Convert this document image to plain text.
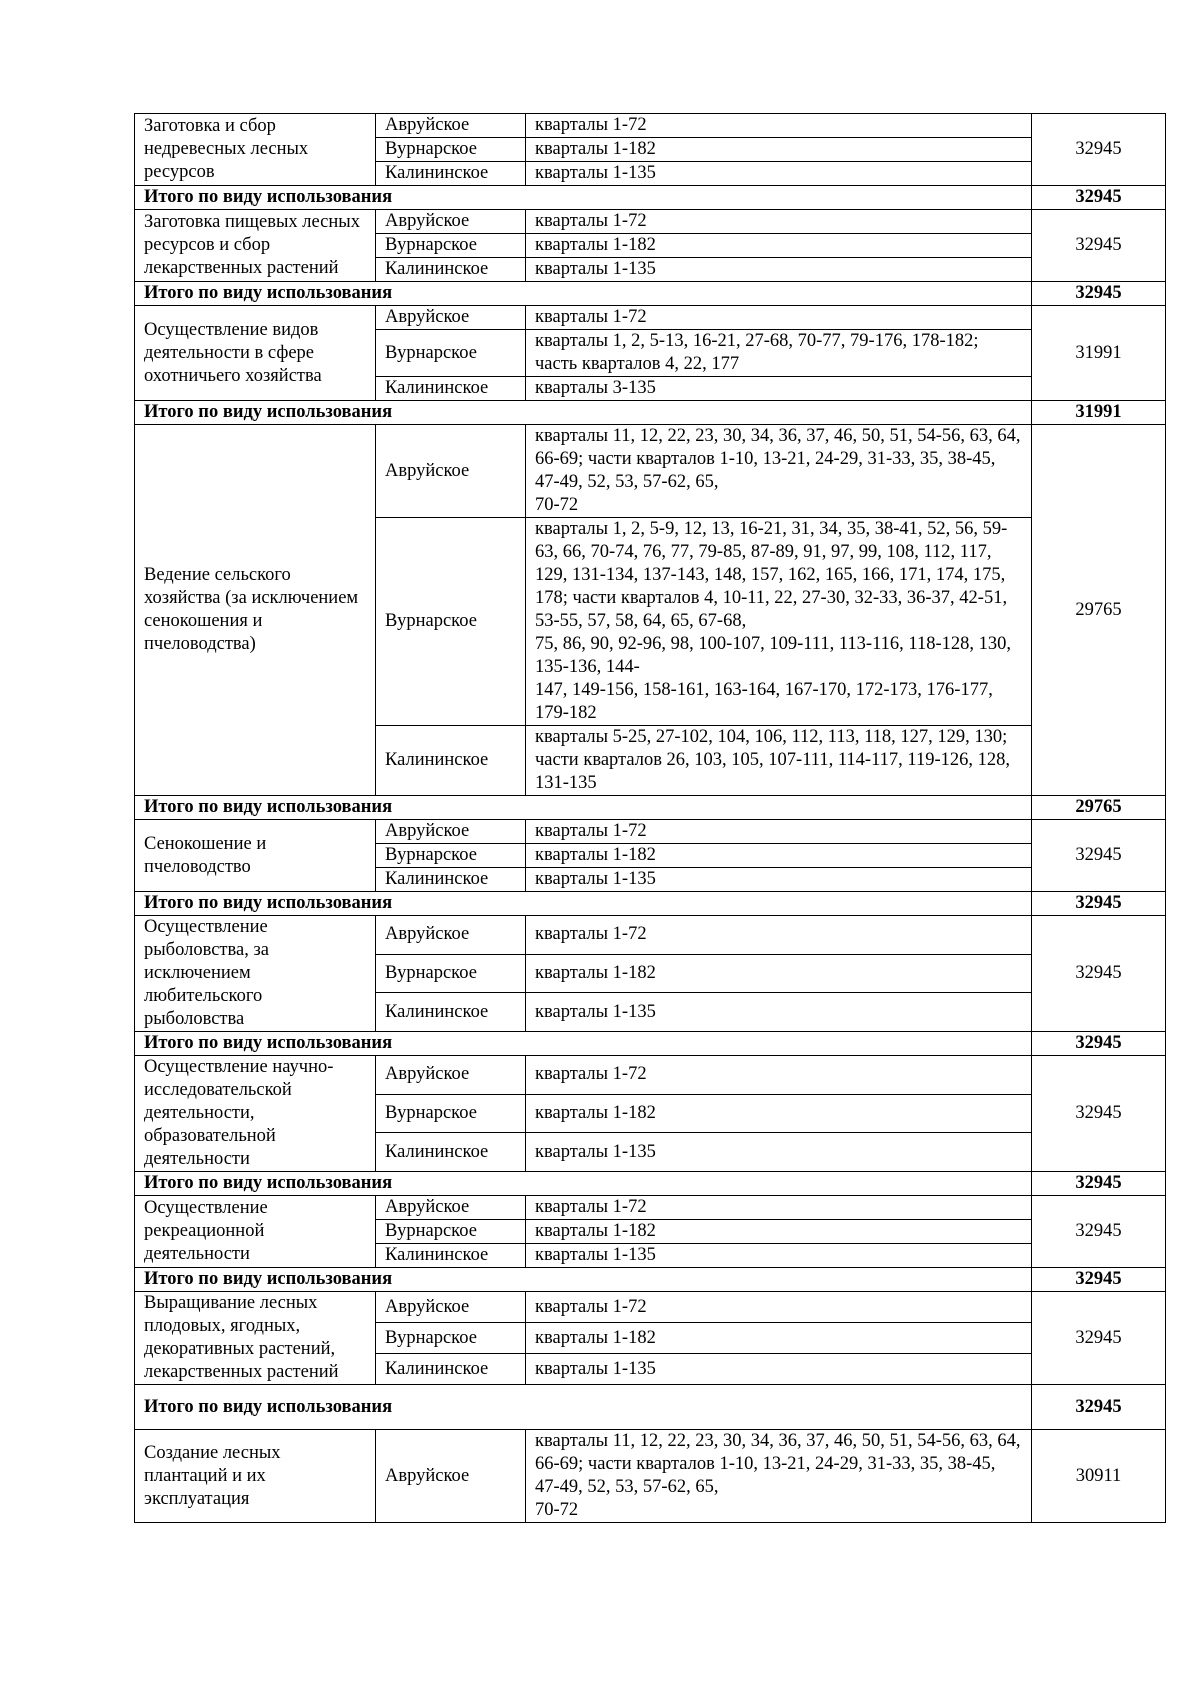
Заготовка и сбор недревесных лесных ресурсов	Авруйское	кварталы 1-72	32945
	Вурнарское	кварталы 1-182	
	Калининское	кварталы 1-135	
Итого по виду использования			32945
Заготовка пищевых лесных ресурсов и сбор лекарственных растений	Авруйское	кварталы 1-72	32945
	Вурнарское	кварталы 1-182	
	Калининское	кварталы 1-135	
Итого по виду использования			32945
Осуществление видов деятельности в сфере охотничьего хозяйства	Авруйское	кварталы 1-72	31991
	Вурнарское	кварталы 1, 2, 5-13, 16-21, 27-68, 70-77, 79-176, 178-182; часть кварталов 4, 22, 177	
	Калининское	кварталы 3-135	
Итого по виду использования			31991
Ведение сельского хозяйства (за исключением сенокошения и пчеловодства)	Авруйское	кварталы 11, 12, 22, 23, 30, 34, 36, 37, 46, 50, 51, 54-56, 63, 64, 66-69; части кварталов 1-10, 13-21, 24-29, 31-33, 35, 38-45, 47-49, 52, 53, 57-62, 65,
70-72	29765
	Вурнарское	кварталы 1, 2, 5-9, 12, 13, 16-21, 31, 34, 35, 38-41, 52, 56, 59-63, 66, 70-74, 76, 77, 79-85, 87-89, 91, 97, 99, 108, 112, 117, 129, 131-134, 137-143, 148, 157, 162, 165, 166, 171, 174, 175, 178; части кварталов 4, 10-11, 22, 27-30, 32-33, 36-37, 42-51, 53-55, 57, 58, 64, 65, 67-68,
75, 86, 90, 92-96, 98, 100-107, 109-111, 113-116, 118-128, 130, 135-136, 144-
147, 149-156, 158-161, 163-164, 167-170, 172-173, 176-177, 179-182	
	Калининское	кварталы 5-25, 27-102, 104, 106, 112, 113, 118, 127, 129, 130; части кварталов 26, 103, 105, 107-111, 114-117, 119-126, 128, 131-135	
Итого по виду использования			29765
Сенокошение и пчеловодство	Авруйское	кварталы 1-72	32945
	Вурнарское	кварталы 1-182	
	Калининское	кварталы 1-135	
Итого по виду использования			32945
Осуществление рыболовства, за исключением любительского рыболовства	Авруйское	кварталы 1-72	32945
	Вурнарское	кварталы 1-182	
	Калининское	кварталы 1-135	
Итого по виду использования			32945
Осуществление научно-исследовательской деятельности, образовательной деятельности	Авруйское	кварталы 1-72	32945
	Вурнарское	кварталы 1-182	
	Калининское	кварталы 1-135	
Итого по виду использования			32945
Осуществление рекреационной деятельности	Авруйское	кварталы 1-72	32945
	Вурнарское	кварталы 1-182	
	Калининское	кварталы 1-135	
Итого по виду использования			32945
Выращивание лесных плодовых, ягодных, декоративных растений, лекарственных растений	Авруйское	кварталы 1-72	32945
	Вурнарское	кварталы 1-182	
	Калининское	кварталы 1-135	
Итого по виду использования			32945
Создание лесных плантаций и их эксплуатация	Авруйское	кварталы 11, 12, 22, 23, 30, 34, 36, 37, 46, 50, 51, 54-56, 63, 64, 66-69; части кварталов 1-10, 13-21, 24-29, 31-33, 35, 38-45, 47-49, 52, 53, 57-62, 65,
70-72	30911
